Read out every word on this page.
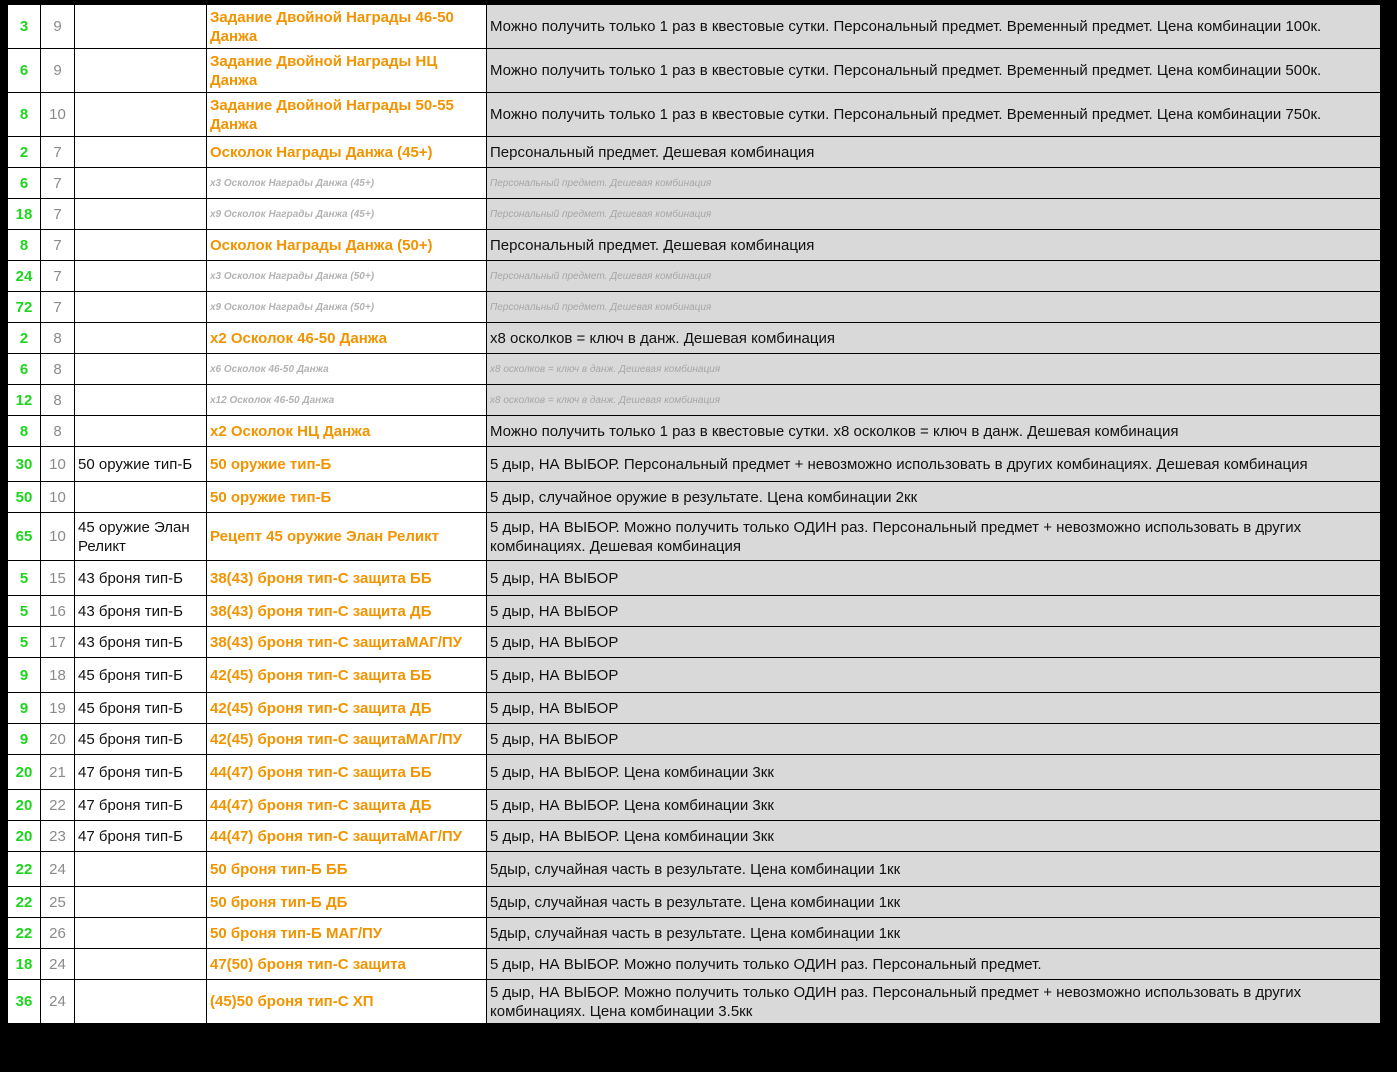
3	9		Задание Двойной Награды 46-50 Данжа	Можно получить только 1 раз в квестовые сутки. Персональный предмет. Временный предмет. Цена комбинации 100к.
6	9		Задание Двойной Награды НЦ Данжа	Можно получить только 1 раз в квестовые сутки. Персональный предмет. Временный предмет. Цена комбинации 500к.
8	10		Задание Двойной Награды 50-55 Данжа	Можно получить только 1 раз в квестовые сутки. Персональный предмет. Временный предмет. Цена комбинации 750к.
2	7		Осколок Награды Данжа (45+)	Персональный предмет. Дешевая комбинация
6	7		x3 Осколок Награды Данжа (45+)	Персональный предмет. Дешевая комбинация
18	7		x9 Осколок Награды Данжа (45+)	Персональный предмет. Дешевая комбинация
8	7		Осколок Награды Данжа (50+)	Персональный предмет. Дешевая комбинация
24	7		x3 Осколок Награды Данжа (50+)	Персональный предмет. Дешевая комбинация
72	7		x9 Осколок Награды Данжа (50+)	Персональный предмет. Дешевая комбинация
2	8		x2 Осколок 46-50 Данжа	x8 осколков = ключ в данж. Дешевая комбинация
6	8		x6 Осколок 46-50 Данжа	x8 осколков = ключ в данж. Дешевая комбинация
12	8		x12 Осколок 46-50 Данжа	x8 осколков = ключ в данж. Дешевая комбинация
8	8		x2 Осколок НЦ Данжа	Можно получить только 1 раз в квестовые сутки. x8 осколков = ключ в данж. Дешевая комбинация
30	10	50 оружие тип-Б	50 оружие тип-Б	5 дыр, НА ВЫБОР. Персональный предмет + невозможно использовать в других комбинациях. Дешевая комбинация
50	10		50 оружие тип-Б	5 дыр, случайное оружие в результате. Цена комбинации 2кк
65	10	45 оружие Элан Реликт	Рецепт 45 оружие Элан Реликт	5 дыр, НА ВЫБОР. Можно получить только ОДИН раз. Персональный предмет + невозможно использовать в других комбинациях. Дешевая комбинация
5	15	43 броня тип-Б	38(43) броня тип-С защита ББ	5 дыр, НА ВЫБОР
5	16	43 броня тип-Б	38(43) броня тип-С защита ДБ	5 дыр, НА ВЫБОР
5	17	43 броня тип-Б	38(43) броня тип-С защитаМАГ/ПУ	5 дыр, НА ВЫБОР
9	18	45 броня тип-Б	42(45) броня тип-С защита ББ	5 дыр, НА ВЫБОР
9	19	45 броня тип-Б	42(45) броня тип-С защита ДБ	5 дыр, НА ВЫБОР
9	20	45 броня тип-Б	42(45) броня тип-С защитаМАГ/ПУ	5 дыр, НА ВЫБОР
20	21	47 броня тип-Б	44(47) броня тип-С защита ББ	5 дыр, НА ВЫБОР. Цена комбинации 3кк
20	22	47 броня тип-Б	44(47) броня тип-С защита ДБ	5 дыр, НА ВЫБОР. Цена комбинации 3кк
20	23	47 броня тип-Б	44(47) броня тип-С защитаМАГ/ПУ	5 дыр, НА ВЫБОР. Цена комбинации 3кк
22	24		50 броня тип-Б ББ	5дыр, случайная часть в результате. Цена комбинации 1кк
22	25		50 броня тип-Б ДБ	5дыр, случайная часть в результате. Цена комбинации 1кк
22	26		50 броня тип-Б МАГ/ПУ	5дыр, случайная часть в результате. Цена комбинации 1кк
18	24		47(50) броня тип-С защита	5 дыр, НА ВЫБОР. Можно получить только ОДИН раз. Персональный предмет.
36	24		(45)50 броня тип-С ХП	5 дыр, НА ВЫБОР. Можно получить только ОДИН раз. Персональный предмет + невозможно использовать в других комбинациях. Цена комбинации 3.5кк
